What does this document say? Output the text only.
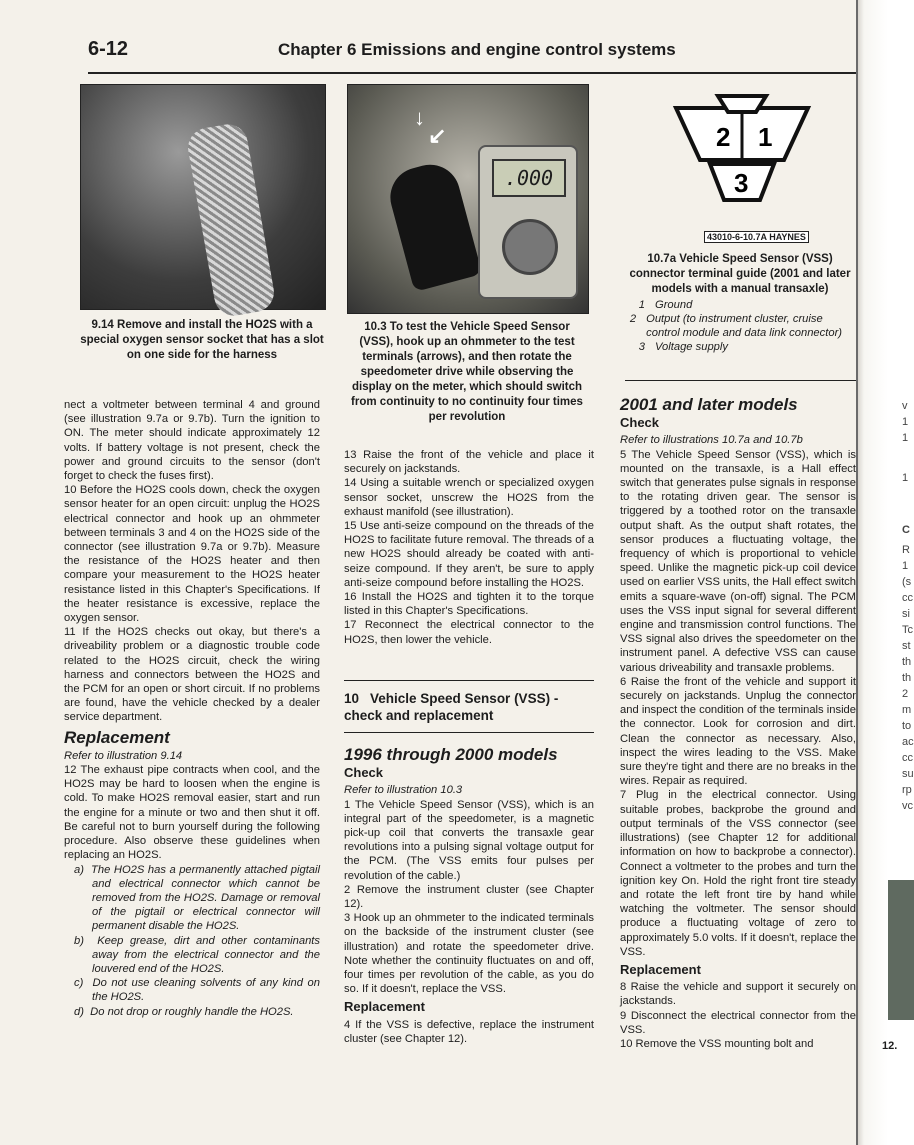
6-12	Chapter 6 Emissions and engine control systems
9.14 Remove and install the HO2S with a special oxygen sensor socket that has a slot on one side for the harness
↓
↙
.000
10.3 To test the Vehicle Speed Sensor (VSS), hook up an ohmmeter to the test terminals (arrows), and then rotate the speedometer drive while observing the display on the meter, which should switch from continuity to no continuity four times per revolution
2 1
3
43010-6-10.7A HAYNES
10.7a Vehicle Speed Sensor (VSS) connector terminal guide (2001 and later models with a manual transaxle)
1 Ground
2 Output (to instrument cluster, cruise control module and data link connector)
3 Voltage supply

nect a voltmeter between terminal 4 and ground (see illustration 9.7a or 9.7b). Turn the ignition to ON. The meter should indicate approximately 12 volts. If battery voltage is not present, check the power and ground circuits to the sensor (don't forget to check the fuses first).

10 Before the HO2S cools down, check the oxygen sensor heater for an open circuit: unplug the HO2S electrical connector and hook up an ohmmeter between terminals 3 and 4 on the HO2S side of the connector (see illustration 9.7a or 9.7b). Measure the resistance of the HO2S heater and then compare your measurement to the HO2S heater resistance listed in this Chapter's Specifications. If the heater resistance is excessive, replace the oxygen sensor.

11 If the HO2S checks out okay, but there's a driveability problem or a diagnostic trouble code related to the HO2S circuit, check the wiring harness and connectors between the HO2S and the PCM for an open or short circuit. If no problems are found, have the vehicle checked by a dealer service department.

Replacement

Refer to illustration 9.14

12 The exhaust pipe contracts when cool, and the HO2S may be hard to loosen when the engine is cold. To make HO2S removal easier, start and run the engine for a minute or two and then shut it off. Be careful not to burn yourself during the following procedure. Also observe these guidelines when replacing an HO2S.

a) The HO2S has a permanently attached pigtail and electrical connector which cannot be removed from the HO2S. Damage or removal of the pigtail or electrical connector will permanent disable the HO2S.

b) Keep grease, dirt and other contaminants away from the electrical connector and the louvered end of the HO2S.

c) Do not use cleaning solvents of any kind on the HO2S.

d) Do not drop or roughly handle the HO2S.

13 Raise the front of the vehicle and place it securely on jackstands.

14 Using a suitable wrench or specialized oxygen sensor socket, unscrew the HO2S from the exhaust manifold (see illustration).

15 Use anti-seize compound on the threads of the HO2S to facilitate future removal. The threads of a new HO2S should already be coated with anti-seize compound. If they aren't, be sure to apply anti-seize compound before installing the HO2S.

16 Install the HO2S and tighten it to the torque listed in this Chapter's Specifications.

17 Reconnect the electrical connector to the HO2S, then lower the vehicle.

10 Vehicle Speed Sensor (VSS) - check and replacement
1996 through 2000 models
Check

Refer to illustration 10.3

1 The Vehicle Speed Sensor (VSS), which is an integral part of the speedometer, is a magnetic pick-up coil that converts the transaxle gear revolutions into a pulsing signal voltage output for the PCM. (The VSS emits four pulses per revolution of the cable.)

2 Remove the instrument cluster (see Chapter 12).

3 Hook up an ohmmeter to the indicated terminals on the backside of the instrument cluster (see illustration) and rotate the speedometer drive. Note whether the continuity fluctuates on and off, four times per revolution of the cable, as you do so. If it doesn't, replace the VSS.

Replacement

4 If the VSS is defective, replace the instrument cluster (see Chapter 12).

2001 and later models
Check

Refer to illustrations 10.7a and 10.7b

5 The Vehicle Speed Sensor (VSS), which is mounted on the transaxle, is a Hall effect switch that generates pulse signals in response to the rotating driven gear. The sensor is triggered by a toothed rotor on the transaxle output shaft. As the output shaft rotates, the sensor produces a fluctuating voltage, the frequency of which is proportional to vehicle speed. Unlike the magnetic pick-up coil device used on earlier VSS units, the Hall effect switch emits a square-wave (on-off) signal. The PCM uses the VSS input signal for several different engine and transmission control functions. The VSS signal also drives the speedometer on the instrument panel. A defective VSS can cause various driveability and transaxle problems.

6 Raise the front of the vehicle and support it securely on jackstands. Unplug the connector and inspect the condition of the terminals inside the connector. Look for corrosion and dirt. Clean the connector as necessary. Also, inspect the wires leading to the VSS. Make sure they're tight and there are no breaks in the wires. Repair as required.

7 Plug in the electrical connector. Using suitable probes, backprobe the ground and output terminals of the VSS connector (see illustrations) (see Chapter 12 for additional information on how to backprobe a connector). Connect a voltmeter to the probes and turn the ignition key On. Hold the right front tire steady and rotate the left front tire by hand while watching the voltmeter. The sensor should produce a fluctuating voltage of zero to approximately 5.0 volts. If it doesn't, replace the VSS.

Replacement

8 Raise the vehicle and support it securely on jackstands.

9 Disconnect the electrical connector from the VSS.

10 Remove the VSS mounting bolt and

v
1
1
1
C
R
1
(s
cc
si
Tc
st
th
th
2
m
to
ac
cc
su
rp
vc
12.
